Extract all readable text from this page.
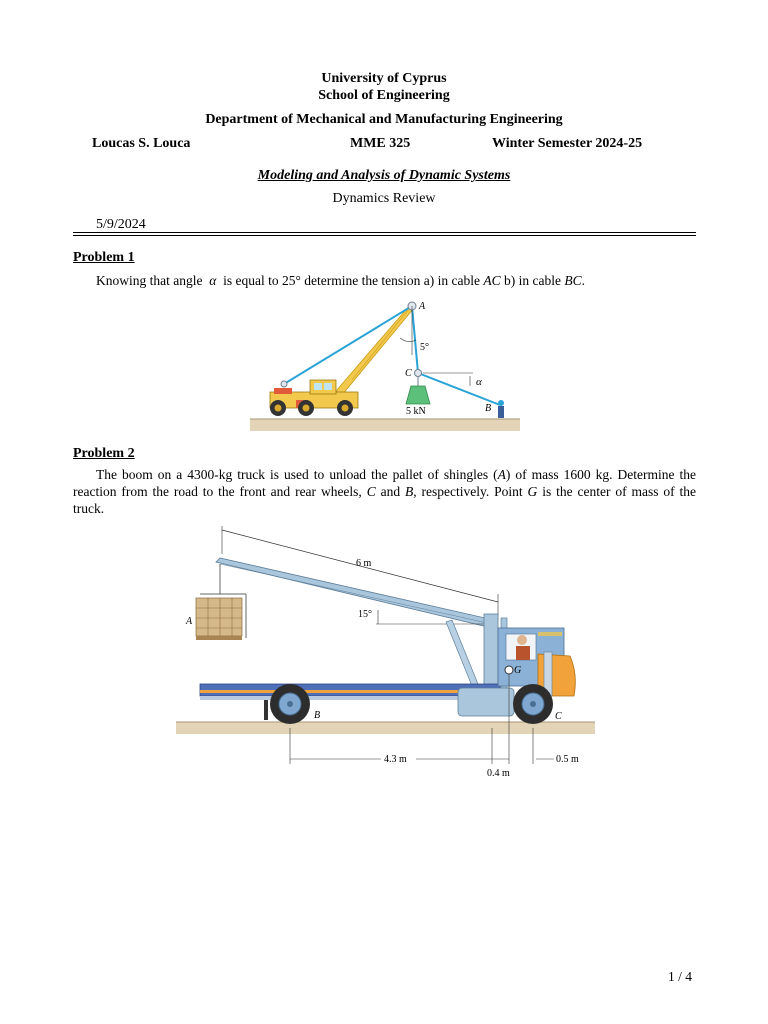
University of Cyprus
School of Engineering
Department of Mechanical and Manufacturing Engineering
Loucas S. Louca	MME 325	Winter Semester 2024-25
Modeling and Analysis of Dynamic Systems
Dynamics Review
5/9/2024
Problem 1
Knowing that angle α  is equal to 25° determine the tension a) in cable AC b) in cable BC.
A
5°
C
α
5 kN	B
Problem 2
The boom on a 4300-kg truck is used to unload the pallet of shingles (A) of mass 1600 kg. Determine the reaction from the road to the front and rear wheels, C and B, respectively. Point G is the center of mass of the truck.
6 m
15°
A
G
B	C
4.3 m
0.4 m
0.5 m
1 / 4
